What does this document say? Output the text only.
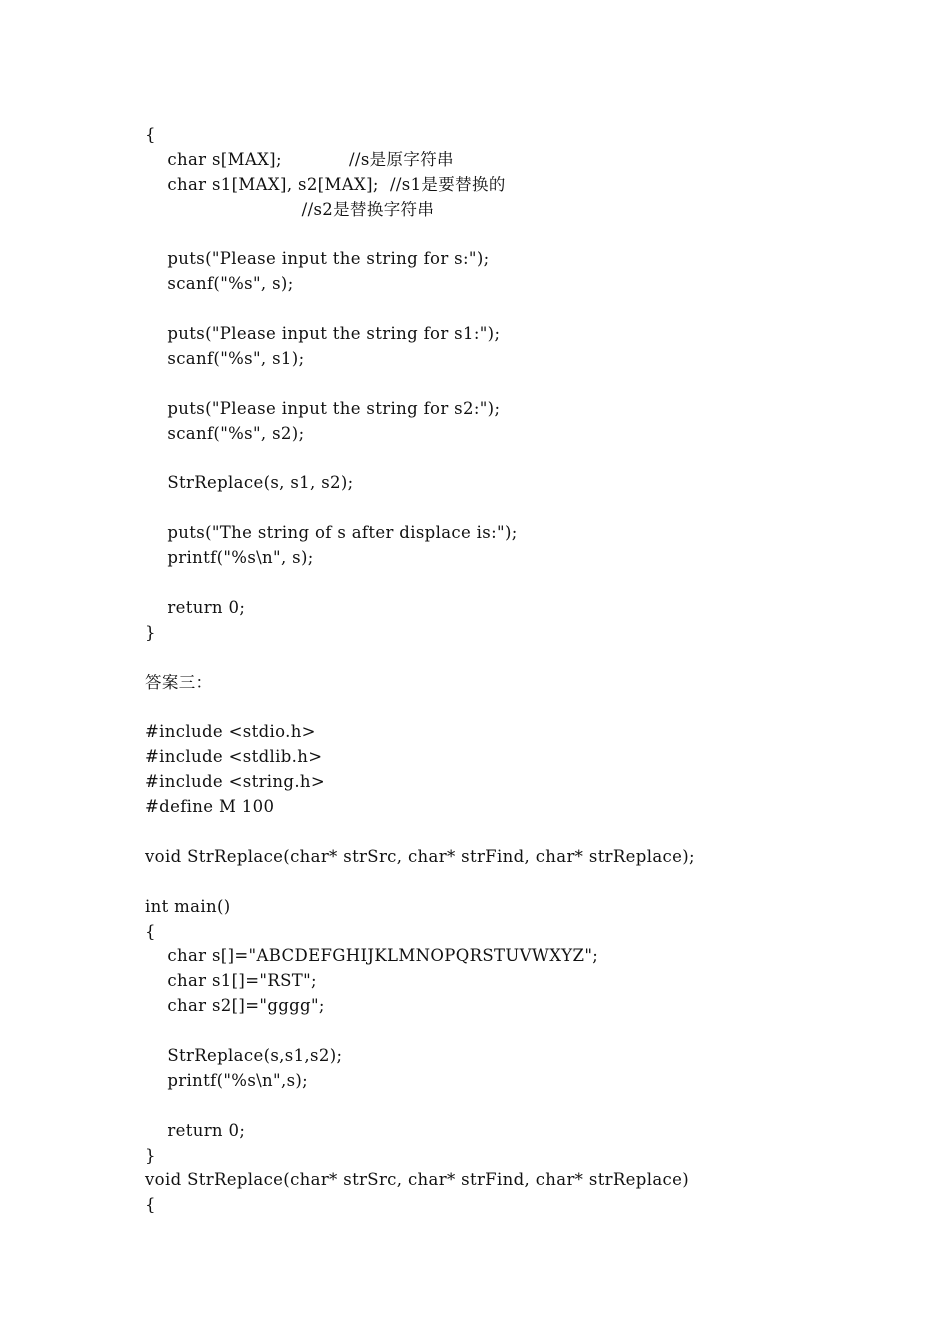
{
char s[MAX];            //s是原字符串
char s1[MAX], s2[MAX];  //s1是要替换的
//s2是替换字符串
puts("Please input the string for s:");
scanf("%s", s);
puts("Please input the string for s1:");
scanf("%s", s1);
puts("Please input the string for s2:");
scanf("%s", s2);
StrReplace(s, s1, s2);
puts("The string of s after displace is:");
printf("%s\n", s);
return 0;
}
答案三：
#include <stdio.h>
#include <stdlib.h>
#include <string.h>
#define M 100
void StrReplace(char* strSrc, char* strFind, char* strReplace);
int main()
{
char s[]="ABCDEFGHIJKLMNOPQRSTUVWXYZ";
char s1[]="RST";
char s2[]="gggg";
StrReplace(s,s1,s2);
printf("%s\n",s);
return 0;
}
void StrReplace(char* strSrc, char* strFind, char* strReplace)
{
